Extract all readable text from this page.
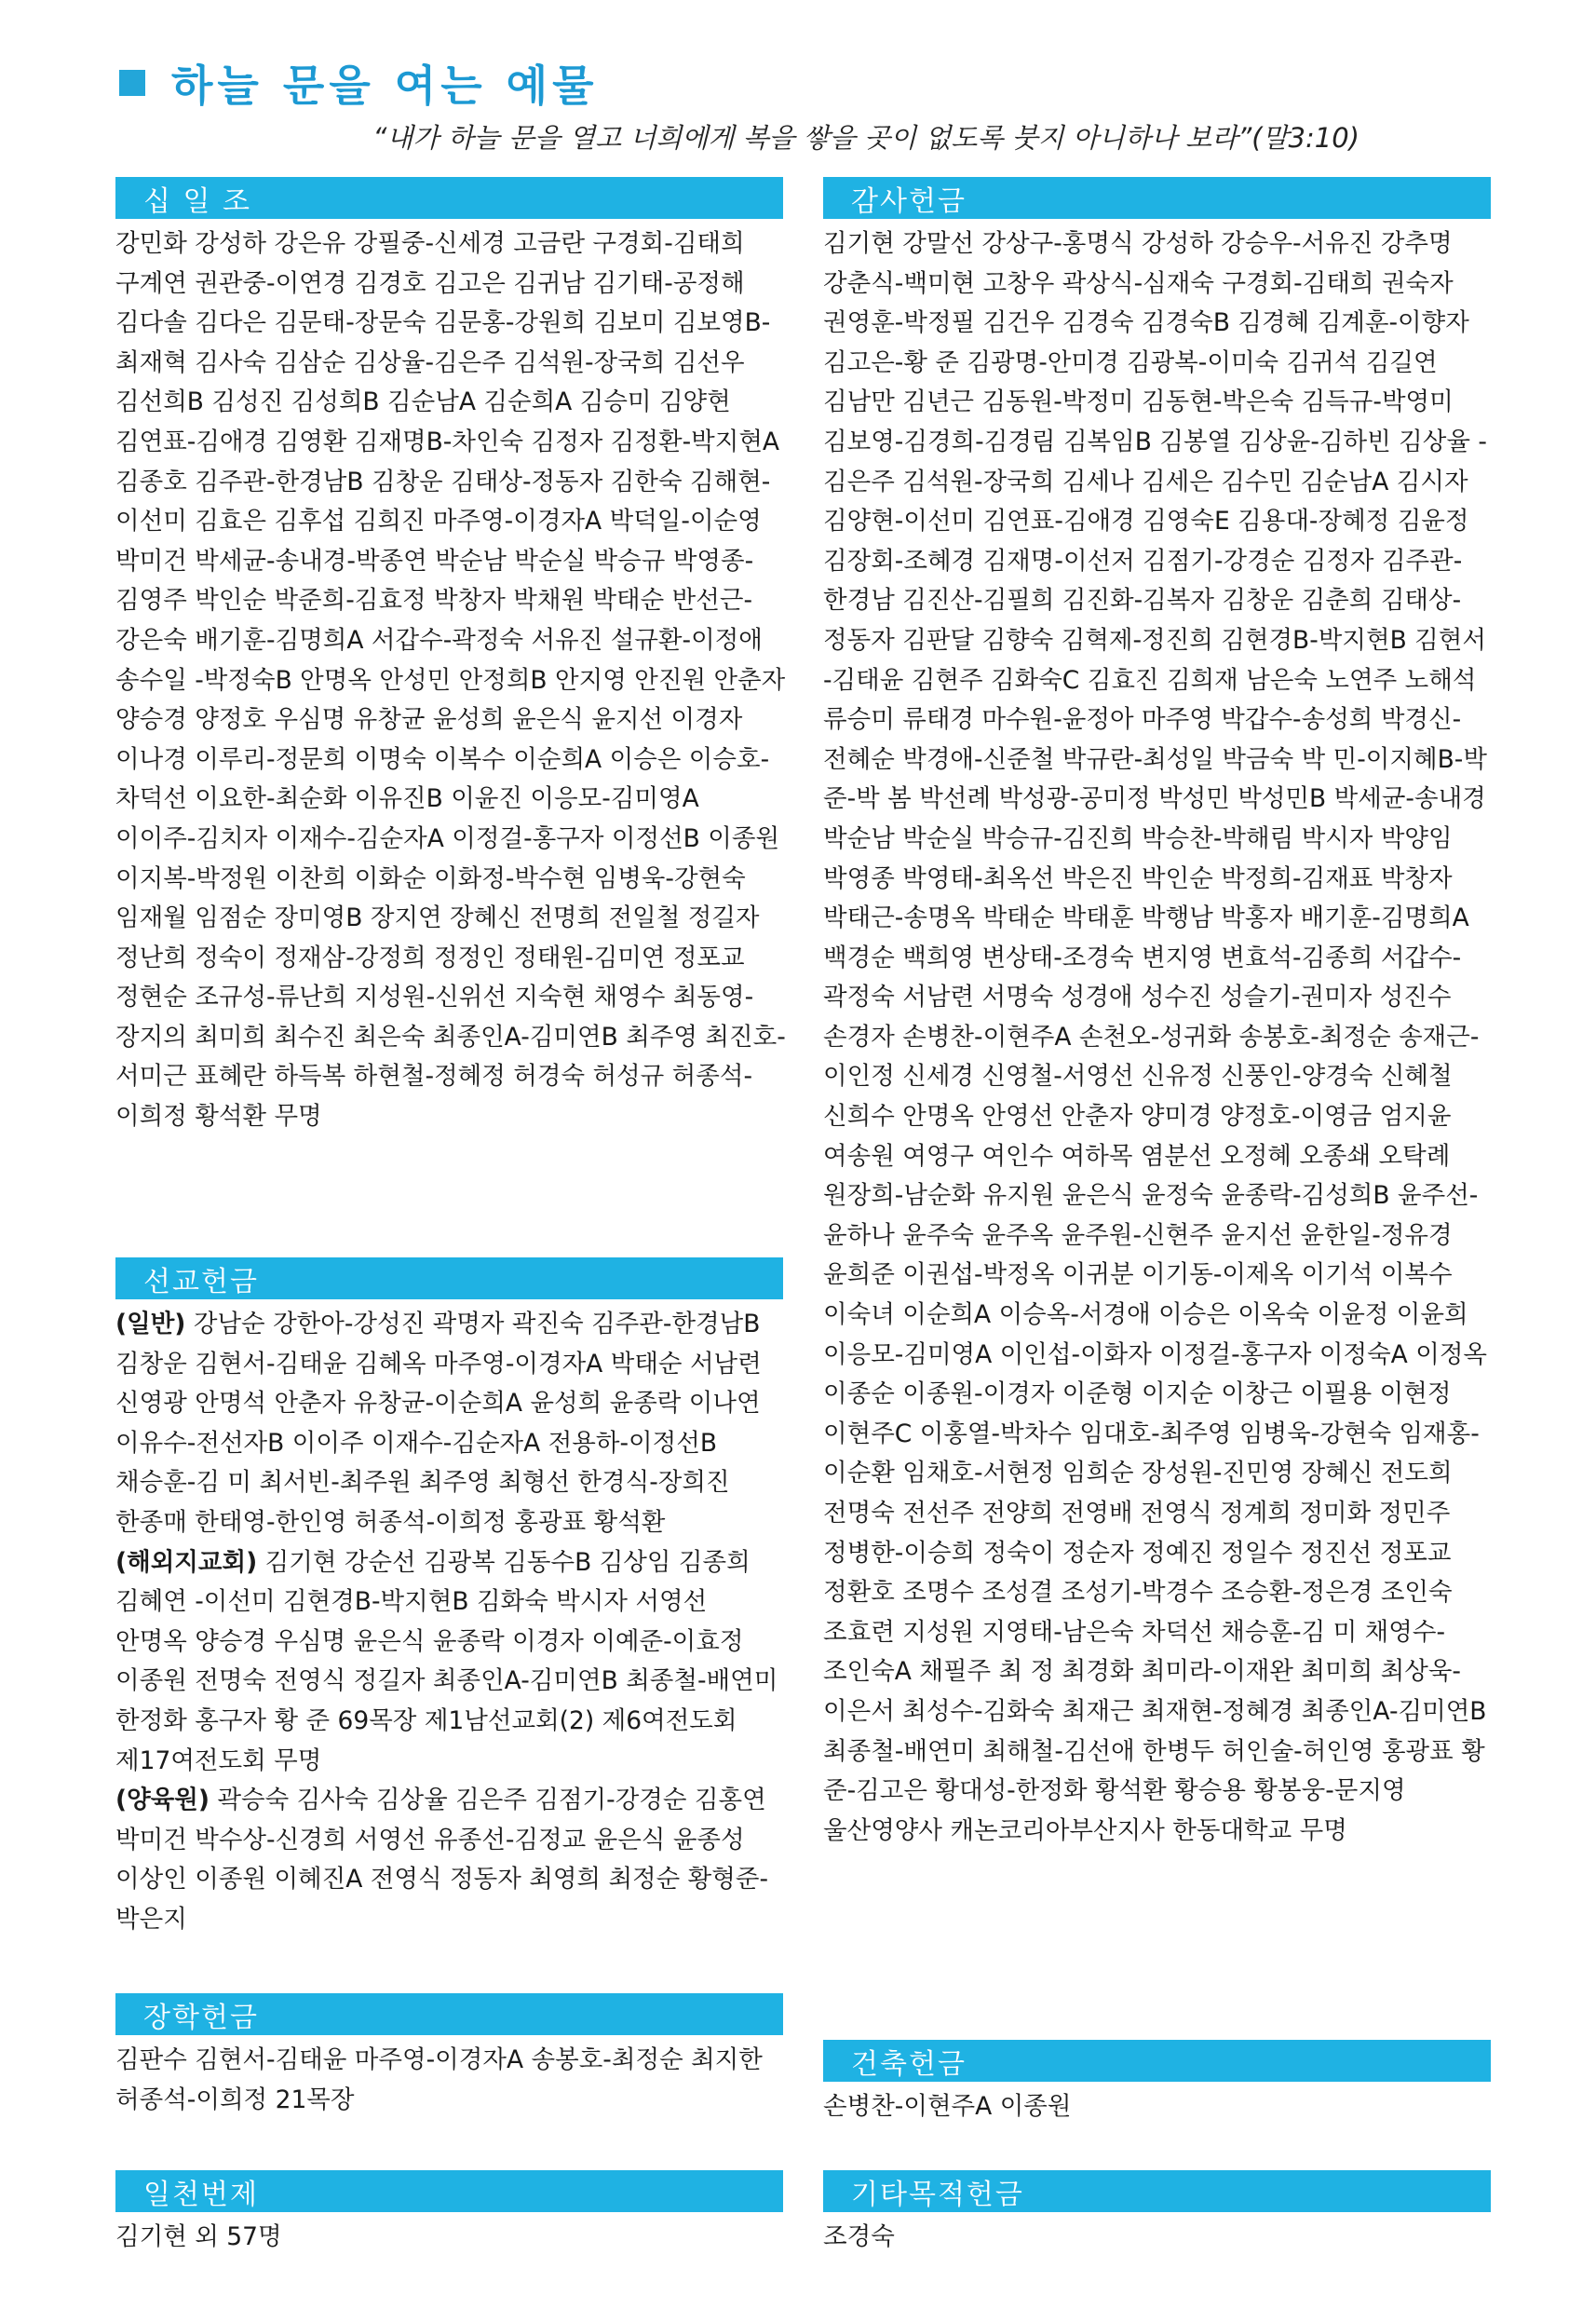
하늘 문을 여는 예물
“내가 하늘 문을 열고 너희에게 복을 쌓을 곳이 없도록 붓지 아니하나 보라”(말3:10)
십 일 조

강민화 강성하 강은유 강필중-신세경 고금란 구경회-김태희 구계연 권관중-이연경 김경호 김고은 김귀남 김기태-공정해 김다솔 김다은 김문태-장문숙 김문홍-강원희 김보미 김보영B-최재혁 김사숙 김삼순 김상율-김은주 김석원-장국희 김선우 김선희B 김성진 김성희B 김순남A 김순희A 김승미 김양현 김연표-김애경 김영환 김재명B-차인숙 김정자 김정환-박지현A 김종호 김주관-한경남B 김창운 김태상-정동자 김한숙 김해현-이선미 김효은 김후섭 김희진 마주영-이경자A 박덕일-이순영 박미건 박세균-송내경-박종연 박순남 박순실 박승규 박영종-김영주 박인순 박준희-김효정 박창자 박채원 박태순 반선근-강은숙 배기훈-김명희A 서갑수-곽정숙 서유진 설규환-이정애 송수일 -박정숙B 안명옥 안성민 안정희B 안지영 안진원 안춘자 양승경 양정호 우심명 유창균 윤성희 윤은식 윤지선 이경자 이나경 이루리-정문희 이명숙 이복수 이순희A 이승은 이승호-차덕선 이요한-최순화 이유진B 이윤진 이응모-김미영A 이이주-김치자 이재수-김순자A 이정걸-홍구자 이정선B 이종원 이지복-박정원 이찬희 이화순 이화정-박수현 임병욱-강현숙 임재월 임점순 장미영B 장지연 장혜신 전명희 전일철 정길자 정난희 정숙이 정재삼-강정희 정정인 정태원-김미연 정포교 정현순 조규성-류난희 지성원-신위선 지숙현 채영수 최동영-장지의 최미희 최수진 최은숙 최종인A-김미연B 최주영 최진호-서미근 표혜란 하득복 하현철-정혜정 허경숙 허성규 허종석-이희정 황석환 무명

선교헌금

(일반) 강남순 강한아-강성진 곽명자 곽진숙 김주관-한경남B 김창운 김현서-김태윤 김혜옥 마주영-이경자A 박태순 서남련 신영광 안명석 안춘자 유창균-이순희A 윤성희 윤종락 이나연 이유수-전선자B 이이주 이재수-김순자A 전용하-이정선B 채승훈-김 미 최서빈-최주원 최주영 최형선 한경식-장희진 한종매 한태영-한인영 허종석-이희정 홍광표 황석환

(해외지교회) 김기현 강순선 김광복 김동수B 김상임 김종희 김혜연 -이선미 김현경B-박지현B 김화숙 박시자 서영선 안명옥 양승경 우심명 윤은식 윤종락 이경자 이예준-이효정 이종원 전명숙 전영식 정길자 최종인A-김미연B 최종철-배연미 한정화 홍구자 황 준 69목장 제1남선교회(2) 제6여전도회 제17여전도회 무명

(양육원) 곽승숙 김사숙 김상율 김은주 김점기-강경순 김홍연 박미건 박수상-신경희 서영선 유종선-김정교 윤은식 윤종성 이상인 이종원 이혜진A 전영식 정동자 최영희 최정순 황형준-박은지

장학헌금

김판수 김현서-김태윤 마주영-이경자A 송봉호-최정순 최지한 허종석-이희정 21목장

일천번제

김기현 외 57명

감사헌금

김기현 강말선 강상구-홍명식 강성하 강승우-서유진 강추명 강춘식-백미현 고창우 곽상식-심재숙 구경회-김태희 권숙자 권영훈-박정필 김건우 김경숙 김경숙B 김경혜 김계훈-이향자 김고은-황 준 김광명-안미경 김광복-이미숙 김귀석 김길연 김남만 김년근 김동원-박정미 김동현-박은숙 김득규-박영미 김보영-김경희-김경림 김복임B 김봉열 김상윤-김하빈 김상율 -김은주 김석원-장국희 김세나 김세은 김수민 김순남A 김시자 김양현-이선미 김연표-김애경 김영숙E 김용대-장혜정 김윤정 김장회-조혜경 김재명-이선저 김점기-강경순 김정자 김주관-한경남 김진산-김필희 김진화-김복자 김창운 김춘희 김태상-정동자 김판달 김향숙 김혁제-정진희 김현경B-박지현B 김현서 -김태윤 김현주 김화숙C 김효진 김희재 남은숙 노연주 노해석 류승미 류태경 마수원-윤정아 마주영 박갑수-송성희 박경신-전혜순 박경애-신준철 박규란-최성일 박금숙 박 민-이지혜B-박 준-박 봄 박선례 박성광-공미정 박성민 박성민B 박세균-송내경 박순남 박순실 박승규-김진희 박승찬-박해림 박시자 박양임 박영종 박영태-최옥선 박은진 박인순 박정희-김재표 박창자 박태근-송명옥 박태순 박태훈 박행남 박홍자 배기훈-김명희A 백경순 백희영 변상태-조경숙 변지영 변효석-김종희 서갑수-곽정숙 서남련 서명숙 성경애 성수진 성슬기-권미자 성진수 손경자 손병찬-이현주A 손천오-성귀화 송봉호-최정순 송재근-이인정 신세경 신영철-서영선 신유정 신풍인-양경숙 신혜철 신희수 안명옥 안영선 안춘자 양미경 양정호-이영금 엄지윤 여송원 여영구 여인수 여하목 염분선 오정혜 오종쇄 오탁례 원장희-남순화 유지원 윤은식 윤정숙 윤종락-김성희B 윤주선-윤하나 윤주숙 윤주옥 윤주원-신현주 윤지선 윤한일-정유경 윤희준 이권섭-박정옥 이귀분 이기동-이제옥 이기석 이복수 이숙녀 이순희A 이승옥-서경애 이승은 이옥숙 이윤정 이윤희 이응모-김미영A 이인섭-이화자 이정걸-홍구자 이정숙A 이정옥 이종순 이종원-이경자 이준형 이지순 이창근 이필용 이현정 이현주C 이홍열-박차수 임대호-최주영 임병욱-강현숙 임재홍-이순환 임채호-서현정 임희순 장성원-진민영 장혜신 전도희 전명숙 전선주 전양희 전영배 전영식 정계희 정미화 정민주 정병한-이승희 정숙이 정순자 정예진 정일수 정진선 정포교 정환호 조명수 조성결 조성기-박경수 조승환-정은경 조인숙 조효련 지성원 지영태-남은숙 차덕선 채승훈-김 미 채영수-조인숙A 채필주 최 정 최경화 최미라-이재완 최미희 최상욱-이은서 최성수-김화숙 최재근 최재현-정혜경 최종인A-김미연B 최종철-배연미 최해철-김선애 한병두 허인술-허인영 홍광표 황 준-김고은 황대성-한정화 황석환 황승용 황봉웅-문지영 울산영양사 캐논코리아부산지사 한동대학교 무명

건축헌금

손병찬-이현주A 이종원

기타목적헌금

조경숙
